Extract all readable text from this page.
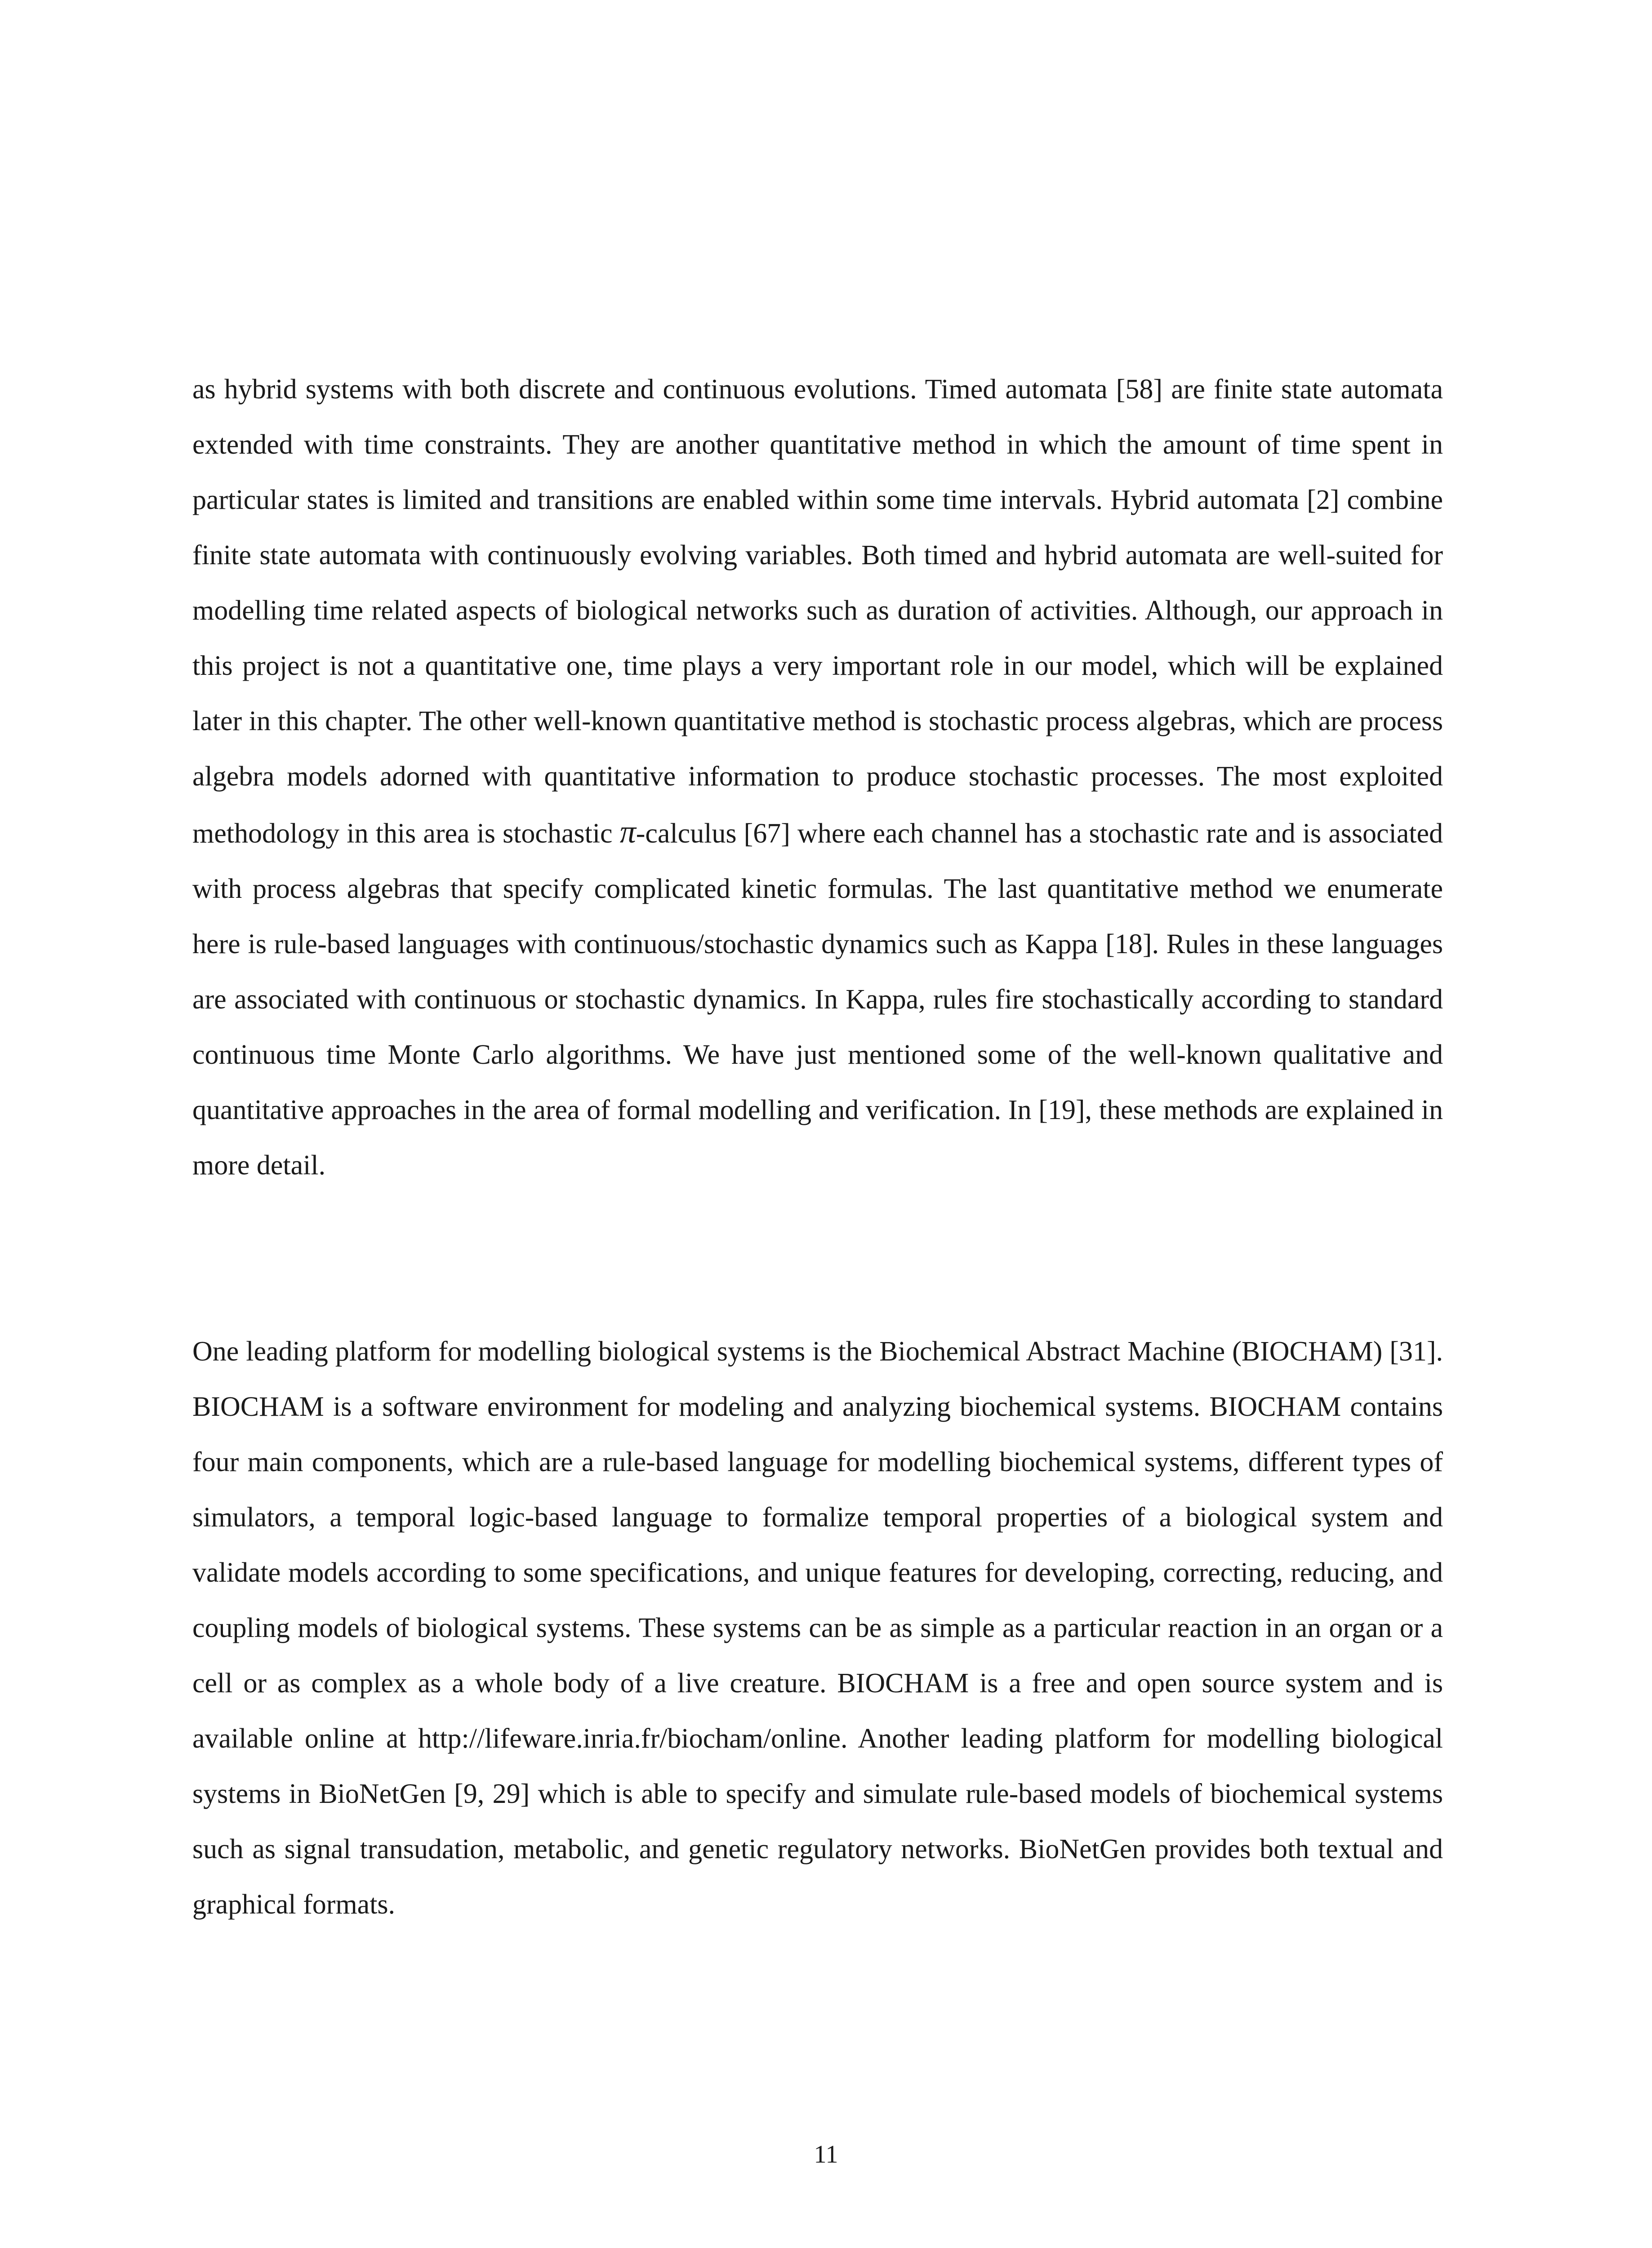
as hybrid systems with both discrete and continuous evolutions. Timed automata [58] are finite state automata extended with time constraints. They are another quantitative method in which the amount of time spent in particular states is limited and transitions are enabled within some time intervals. Hybrid automata [2] combine finite state automata with continuously evolving variables. Both timed and hybrid automata are well-suited for modelling time related aspects of biological networks such as duration of activities. Although, our approach in this project is not a quantitative one, time plays a very important role in our model, which will be explained later in this chapter. The other well-known quantitative method is stochastic process algebras, which are process algebra models adorned with quantitative information to produce stochastic processes. The most exploited methodology in this area is stochastic π-calculus [67] where each channel has a stochastic rate and is associated with process algebras that specify complicated kinetic formulas. The last quantitative method we enumerate here is rule-based languages with continuous/stochastic dynamics such as Kappa [18]. Rules in these languages are associated with continuous or stochastic dynamics. In Kappa, rules fire stochastically according to standard continuous time Monte Carlo algorithms. We have just mentioned some of the well-known qualitative and quantitative approaches in the area of formal modelling and verification. In [19], these methods are explained in more detail.

One leading platform for modelling biological systems is the Biochemical Abstract Machine (BIOCHAM) [31]. BIOCHAM is a software environment for modeling and analyzing biochemical systems. BIOCHAM contains four main components, which are a rule-based language for modelling biochemical systems, different types of simulators, a temporal logic-based language to formalize temporal properties of a biological system and validate models according to some specifications, and unique features for developing, correcting, reducing, and coupling models of biological systems. These systems can be as simple as a particular reaction in an organ or a cell or as complex as a whole body of a live creature. BIOCHAM is a free and open source system and is available online at http://lifeware.inria.fr/biocham/online. Another leading platform for modelling biological systems in BioNetGen [9, 29] which is able to specify and simulate rule-based models of biochemical systems such as signal transudation, metabolic, and genetic regulatory networks. BioNetGen provides both textual and graphical formats.

11
